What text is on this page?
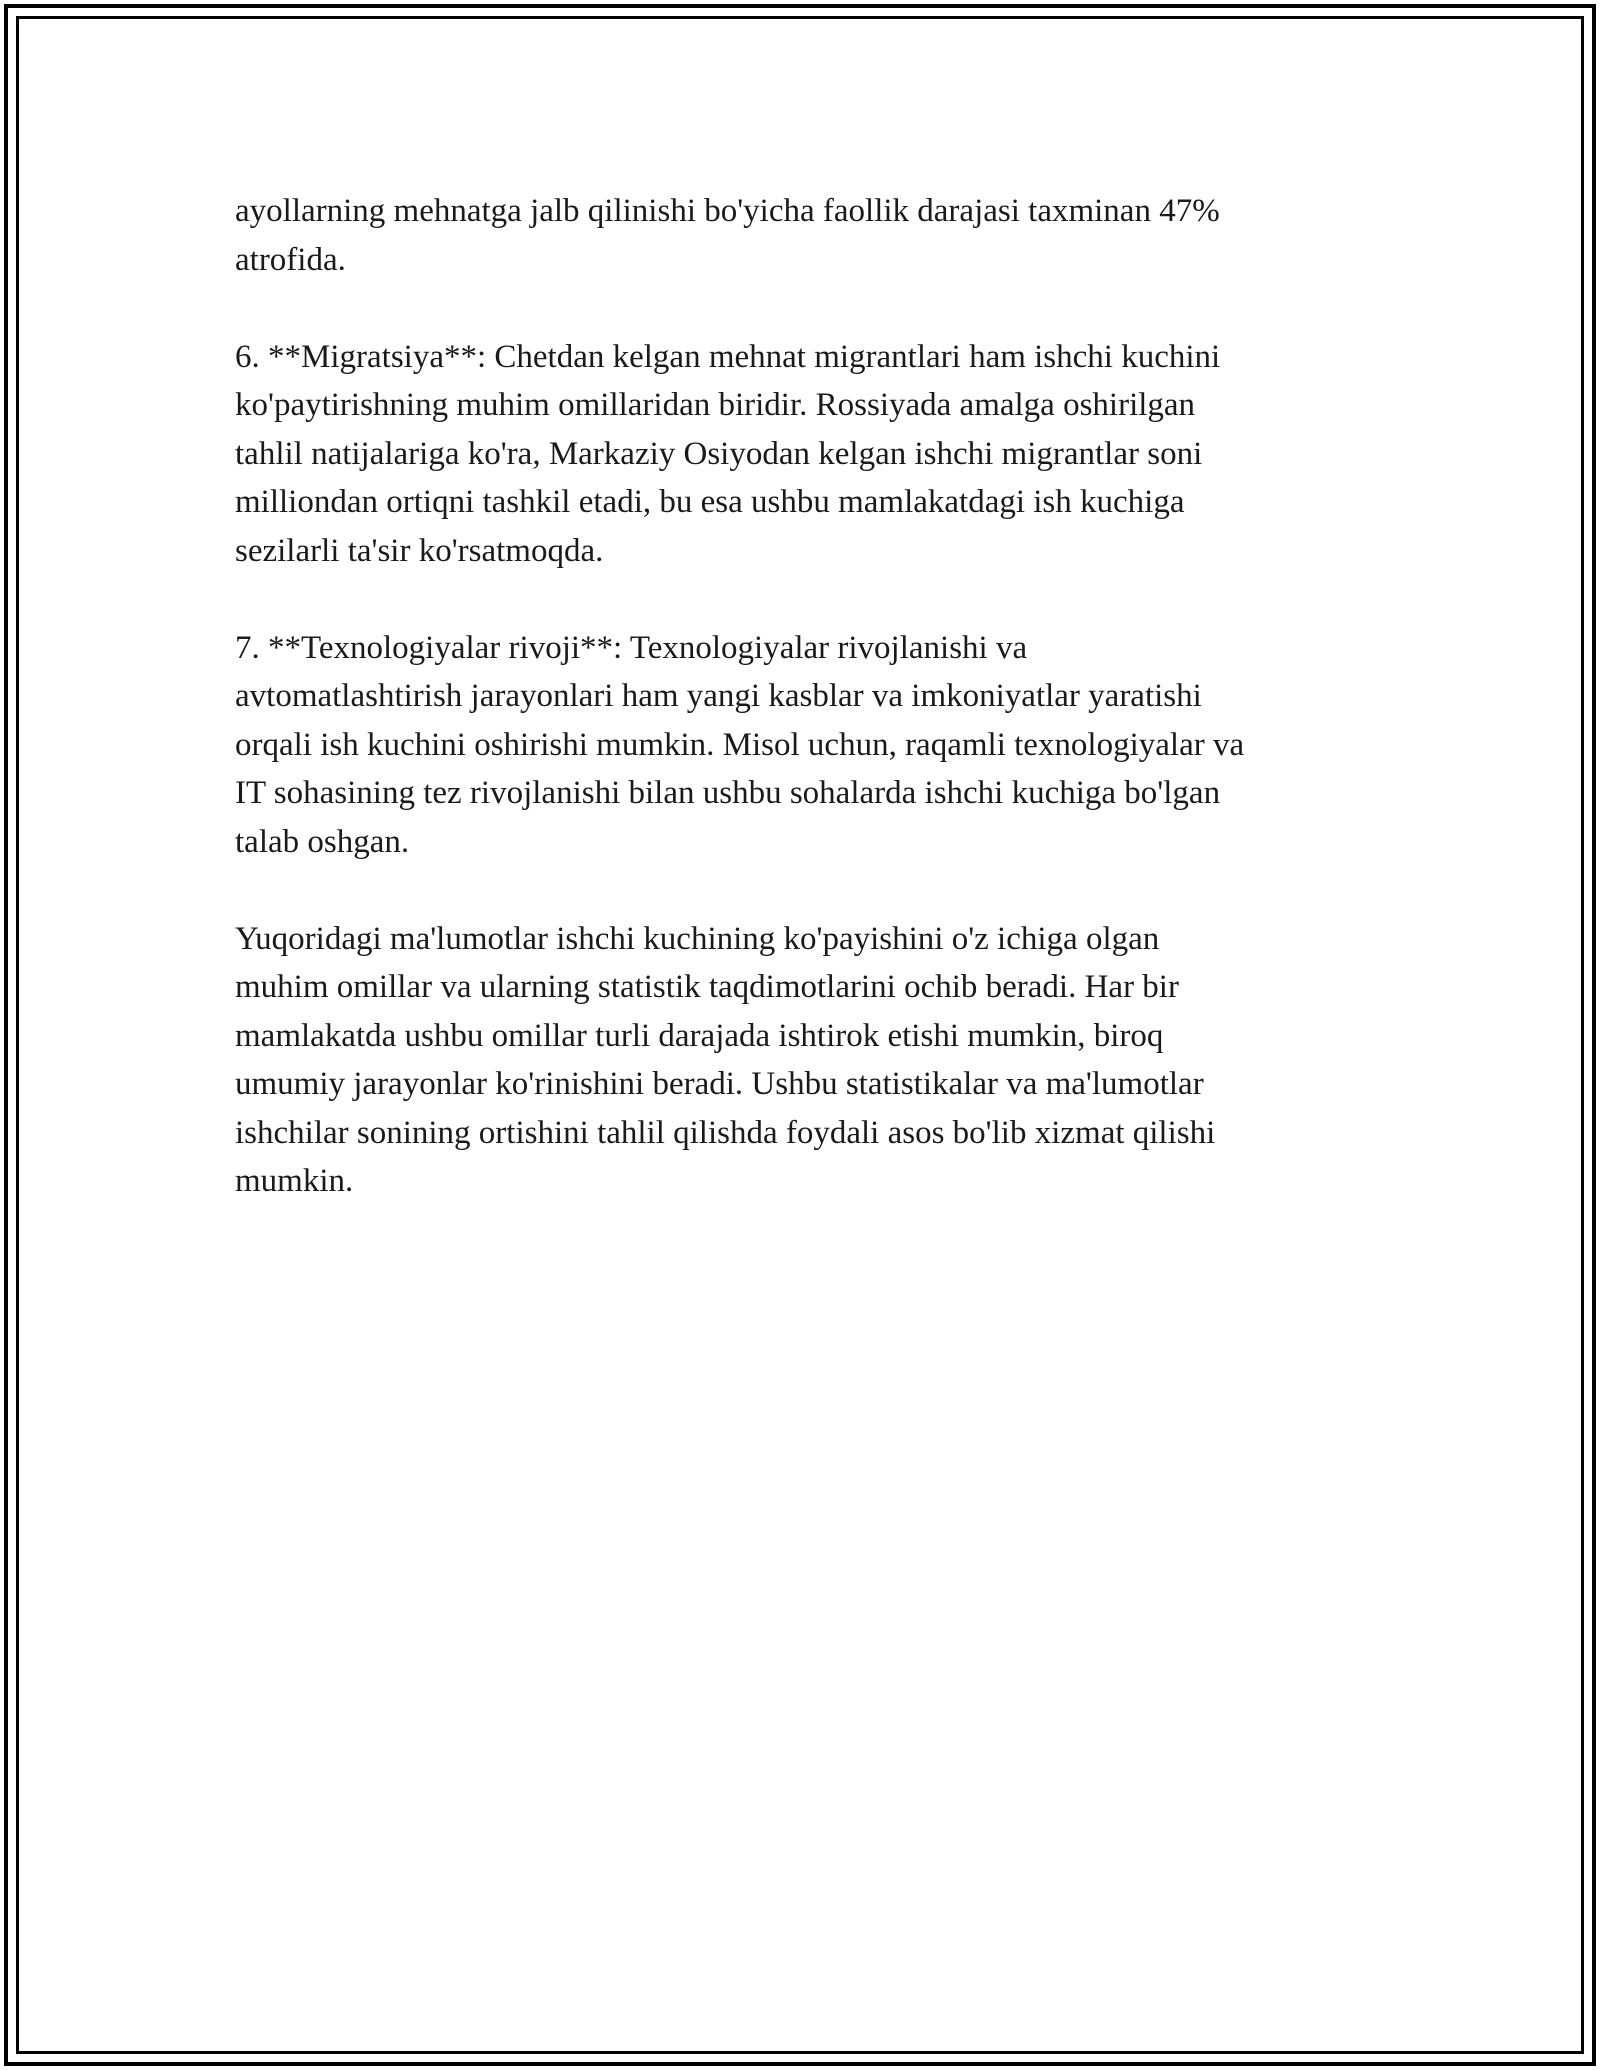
ayollarning mehnatga jalb qilinishi bo'yicha faollik darajasi taxminan 47%
atrofida.

6. **Migratsiya**: Chetdan kelgan mehnat migrantlari ham ishchi kuchini
ko'paytirishning muhim omillaridan biridir. Rossiyada amalga oshirilgan
tahlil natijalariga ko'ra, Markaziy Osiyodan kelgan ishchi migrantlar soni
milliondan ortiqni tashkil etadi, bu esa ushbu mamlakatdagi ish kuchiga
sezilarli ta'sir ko'rsatmoqda.

7. **Texnologiyalar rivoji**: Texnologiyalar rivojlanishi va
avtomatlashtirish jarayonlari ham yangi kasblar va imkoniyatlar yaratishi
orqali ish kuchini oshirishi mumkin. Misol uchun, raqamli texnologiyalar va
IT sohasining tez rivojlanishi bilan ushbu sohalarda ishchi kuchiga bo'lgan
talab oshgan.

Yuqoridagi ma'lumotlar ishchi kuchining ko'payishini o'z ichiga olgan
muhim omillar va ularning statistik taqdimotlarini ochib beradi. Har bir
mamlakatda ushbu omillar turli darajada ishtirok etishi mumkin, biroq
umumiy jarayonlar ko'rinishini beradi. Ushbu statistikalar va ma'lumotlar
ishchilar sonining ortishini tahlil qilishda foydali asos bo'lib xizmat qilishi
mumkin.
